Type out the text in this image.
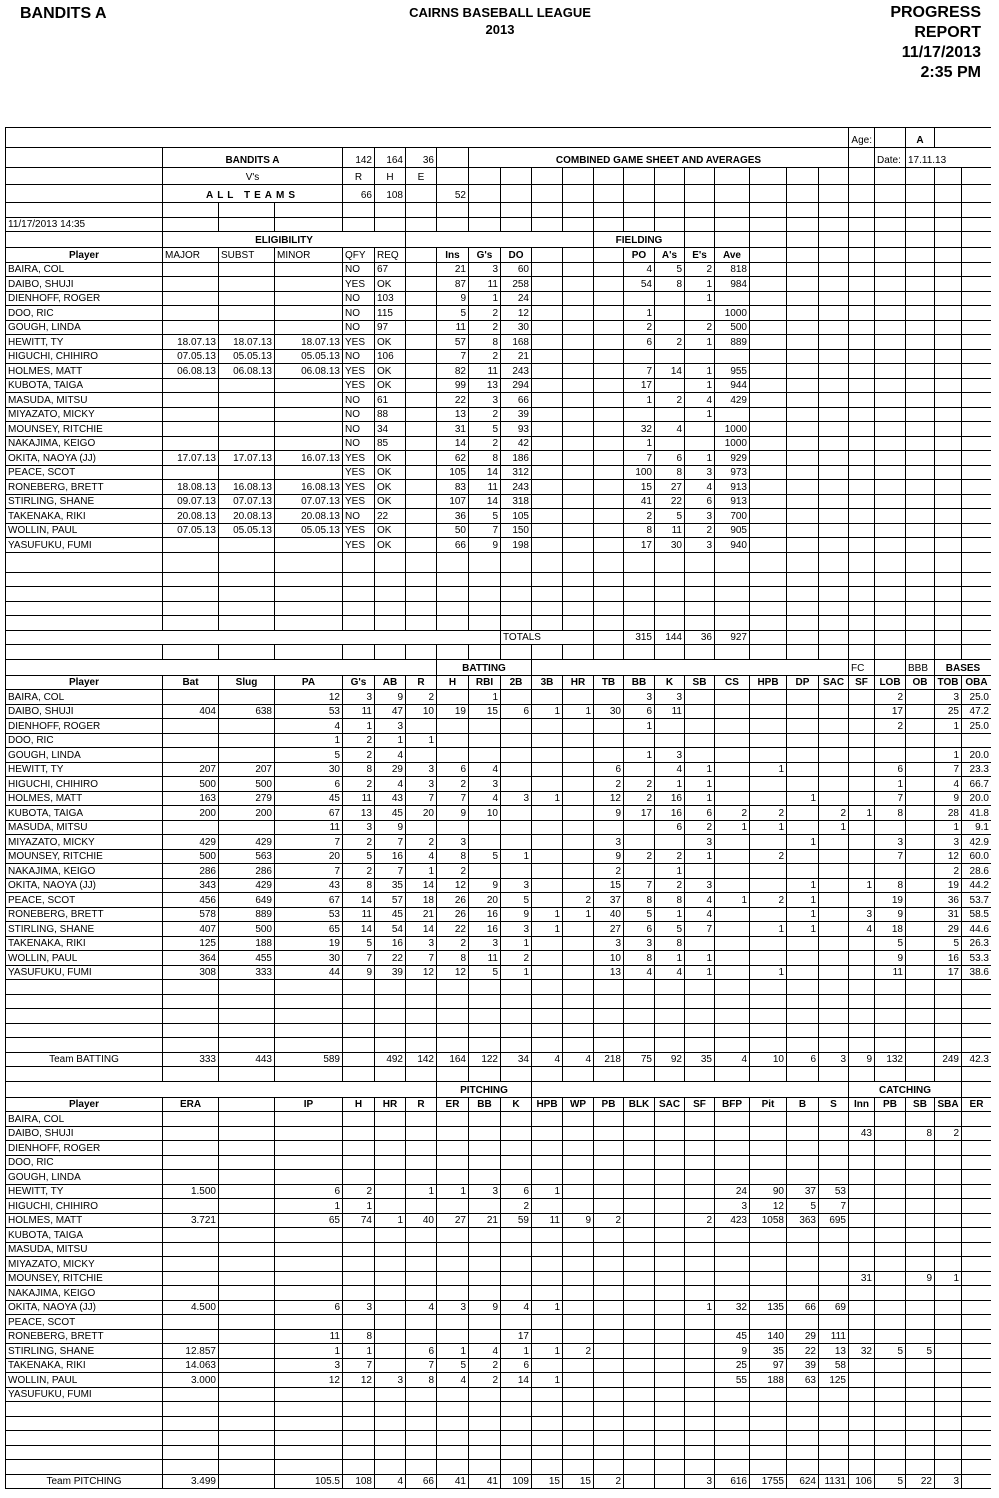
BANDITS A	CAIRNS BASEBALL LEAGUE
2013
PROGRESS
REPORT
11/17/2013
2:35 PM
																				Age:		A			
	BANDITS A			142	164	36		COMBINED GAME SHEET AND AVERAGES													Date:	17.11.13			
	V's			R	H	E																			
	ALL TEAMS			66	108		52																		

11/17/2013 14:35																									
	ELIGIBILITY											FIELDING													
Player	MAJOR	SUBST	MINOR	QFY	REQ		Ins	G's	DO				PO	A's	E's	Ave									
BAIRA, COL				NO	67		21	3	60				4	5	2	818									
DAIBO, SHUJI				YES	OK		87	11	258				54	8	1	984									
DIENHOFF, ROGER				NO	103		9	1	24						1										
DOO, RIC				NO	115		5	2	12				1			1000									
GOUGH, LINDA				NO	97		11	2	30				2		2	500									
HEWITT, TY	18.07.13	18.07.13	18.07.13	YES	OK		57	8	168				6	2	1	889									
HIGUCHI, CHIHIRO	07.05.13	05.05.13	05.05.13	NO	106		7	2	21																
HOLMES, MATT	06.08.13	06.08.13	06.08.13	YES	OK		82	11	243				7	14	1	955									
KUBOTA, TAIGA				YES	OK		99	13	294				17		1	944									
MASUDA, MITSU				NO	61		22	3	66				1	2	4	429									
MIYAZATO, MICKY				NO	88		13	2	39						1										
MOUNSEY, RITCHIE				NO	34		31	5	93				32	4		1000									
NAKAJIMA, KEIGO				NO	85		14	2	42				1			1000									
OKITA, NAOYA (JJ)	17.07.13	17.07.13	16.07.13	YES	OK		62	8	186				7	6	1	929									
PEACE, SCOT				YES	OK		105	14	312				100	8	3	973									
RONEBERG, BRETT	18.08.13	16.08.13	16.08.13	YES	OK		83	11	243				15	27	4	913									
STIRLING, SHANE	09.07.13	07.07.13	07.07.13	YES	OK		107	14	318				41	22	6	913									
TAKENAKA, RIKI	20.08.13	20.08.13	20.08.13	NO	22		36	5	105				2	5	3	700									
WOLLIN, PAUL	07.05.13	05.05.13	05.05.13	YES	OK		50	7	150				8	11	2	905									
YASUFUKU, FUMI				YES	OK		66	9	198				17	30	3	940									

									TOTALS				315	144	36	927									

							BATTING													FC		BBB	BASES		
Player	Bat	Slug	PA	G's	AB	R	H	RBI	2B	3B	HR	TB	BB	K	SB	CS	HPB	DP	SAC	SF	LOB	OB	TOB	OBA	
BAIRA, COL			12	3	9	2		1					3	3							2		3	25.0	
DAIBO, SHUJI	404	638	53	11	47	10	19	15	6	1	1	30	6	11							17		25	47.2	
DIENHOFF, ROGER			4	1	3								1								2		1	25.0	
DOO, RIC			1	2	1	1																			
GOUGH, LINDA			5	2	4								1	3									1	20.0	
HEWITT, TY	207	207	30	8	29	3	6	4				6		4	1		1				6		7	23.3	
HIGUCHI, CHIHIRO	500	500	6	2	4	3	2	3				2	2	1	1						1		4	66.7	
HOLMES, MATT	163	279	45	11	43	7	7	4	3	1		12	2	16	1			1			7		9	20.0	
KUBOTA, TAIGA	200	200	67	13	45	20	9	10				9	17	16	6	2	2		2	1	8		28	41.8	
MASUDA, MITSU			11	3	9									6	2	1	1		1				1	9.1	
MIYAZATO, MICKY	429	429	7	2	7	2	3					3			3			1			3		3	42.9	
MOUNSEY, RITCHIE	500	563	20	5	16	4	8	5	1			9	2	2	1		2				7		12	60.0	
NAKAJIMA, KEIGO	286	286	7	2	7	1	2					2		1									2	28.6	
OKITA, NAOYA (JJ)	343	429	43	8	35	14	12	9	3			15	7	2	3			1		1	8		19	44.2	
PEACE, SCOT	456	649	67	14	57	18	26	20	5		2	37	8	8	4	1	2	1			19		36	53.7	
RONEBERG, BRETT	578	889	53	11	45	21	26	16	9	1	1	40	5	1	4			1		3	9		31	58.5	
STIRLING, SHANE	407	500	65	14	54	14	22	16	3	1		27	6	5	7		1	1		4	18		29	44.6	
TAKENAKA, RIKI	125	188	19	5	16	3	2	3	1			3	3	8							5		5	26.3	
WOLLIN, PAUL	364	455	30	7	22	7	8	11	2			10	8	1	1						9		16	53.3	
YASUFUKU, FUMI	308	333	44	9	39	12	12	5	1			13	4	4	1		1				11		17	38.6	

Team BATTING	333	443	589		492	142	164	122	34	4	4	218	75	92	35	4	10	6	3	9	132		249	42.3	

							PITCHING													CATCHING					
Player	ERA		IP	H	HR	R	ER	BB	K	HPB	WP	PB	BLK	SAC	SF	BFP	Pit	B	S	Inn	PB	SB	SBA	ER	
BAIRA, COL																									
DAIBO, SHUJI																				43		8	2		
DIENHOFF, ROGER																									
DOO, RIC																									
GOUGH, LINDA																									
HEWITT, TY	1.500		6	2		1	1	3	6	1						24	90	37	53						
HIGUCHI, CHIHIRO			1	1					2							3	12	5	7						
HOLMES, MATT	3.721		65	74	1	40	27	21	59	11	9	2			2	423	1058	363	695						
KUBOTA, TAIGA																									
MASUDA, MITSU																									
MIYAZATO, MICKY																									
MOUNSEY, RITCHIE																				31		9	1		
NAKAJIMA, KEIGO																									
OKITA, NAOYA (JJ)	4.500		6	3		4	3	9	4	1					1	32	135	66	69						
PEACE, SCOT																									
RONEBERG, BRETT			11	8					17							45	140	29	111						
STIRLING, SHANE	12.857		1	1		6	1	4	1	1	2					9	35	22	13	32	5	5			
TAKENAKA, RIKI	14.063		3	7		7	5	2	6							25	97	39	58						
WOLLIN, PAUL	3.000		12	12	3	8	4	2	14	1						55	188	63	125						
YASUFUKU, FUMI																									

Team PITCHING	3.499		105.5	108	4	66	41	41	109	15	15	2			3	616	1755	624	1131	106	5	22	3		
